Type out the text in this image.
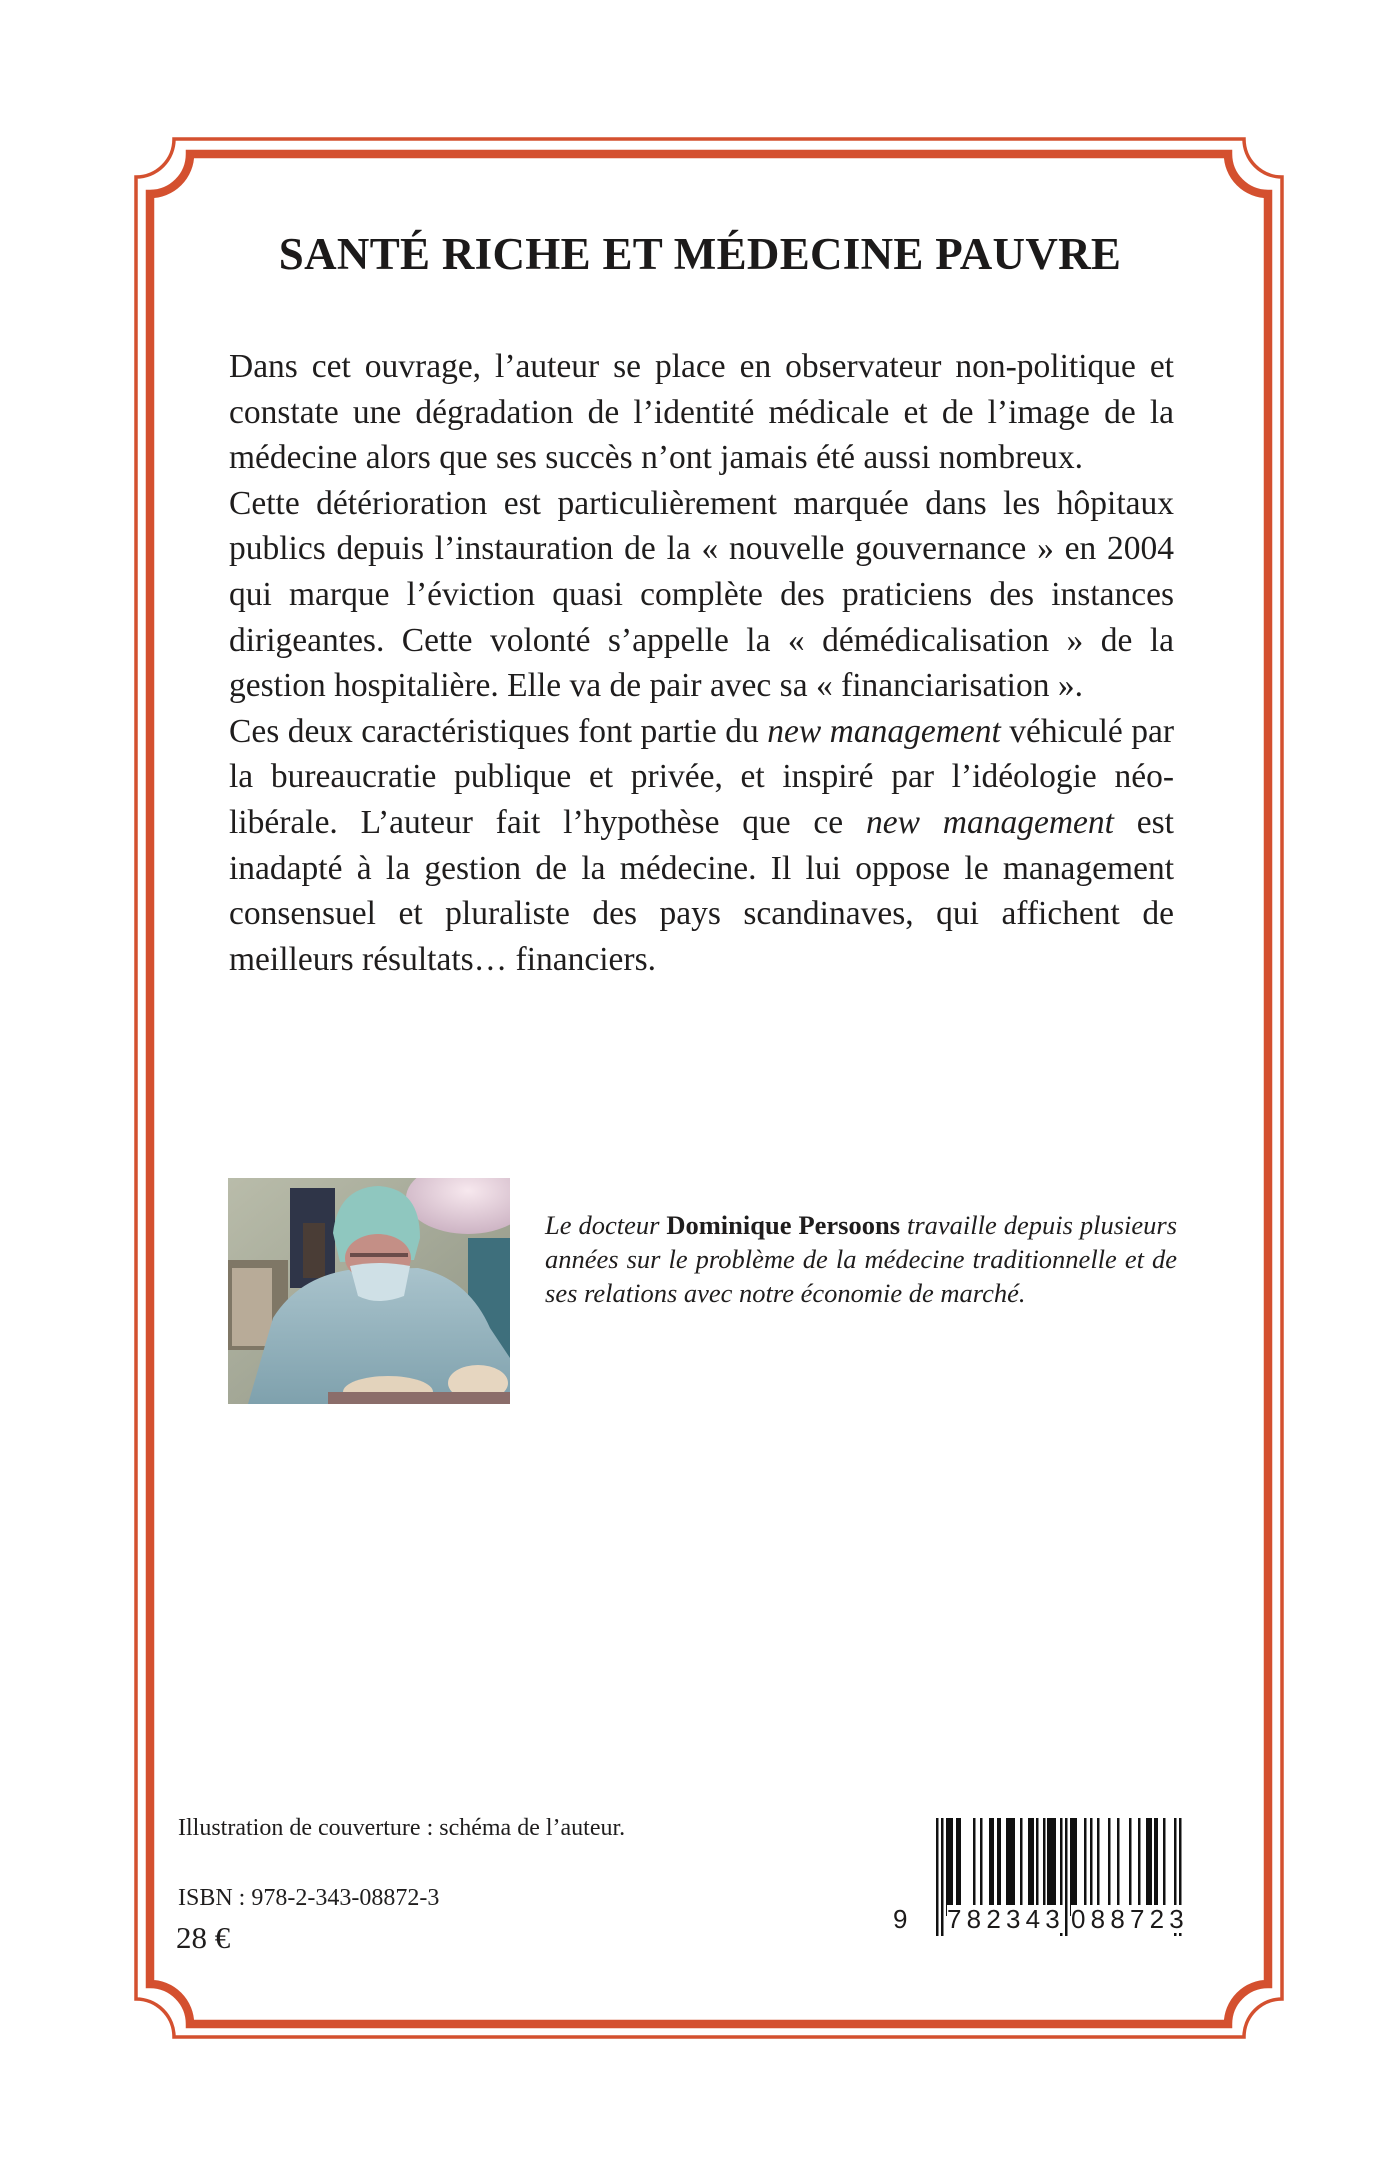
SANTÉ RICHE ET MÉDECINE PAUVRE

Dans cet ouvrage, l’auteur se place en observateur non-politique et constate une dégradation de l’identité médicale et de l’image de la médecine alors que ses succès n’ont jamais été aussi nombreux.

Cette détérioration est particulièrement marquée dans les hôpitaux publics depuis l’instauration de la « nouvelle gouvernance » en 2004 qui marque l’éviction quasi complète des praticiens des instances dirigeantes. Cette volonté s’appelle la « démédicalisation » de la gestion hospitalière. Elle va de pair avec sa « financiarisation ».

Ces deux caractéristiques font partie du new management véhiculé par la bureaucratie publique et privée, et inspiré par l’idéologie néo-libérale. L’auteur fait l’hypothèse que ce new management est inadapté à la gestion de la médecine. Il lui oppose le management consensuel et pluraliste des pays scandinaves, qui affichent de meilleurs résultats… financiers.

Le docteur Dominique Persoons travaille depuis plusieurs années sur le problème de la médecine traditionnelle et de ses relations avec notre économie de marché.

Illustration de couverture : schéma de l’auteur.

ISBN : 978-2-343-08872-3

28 €

9 782343 088723
